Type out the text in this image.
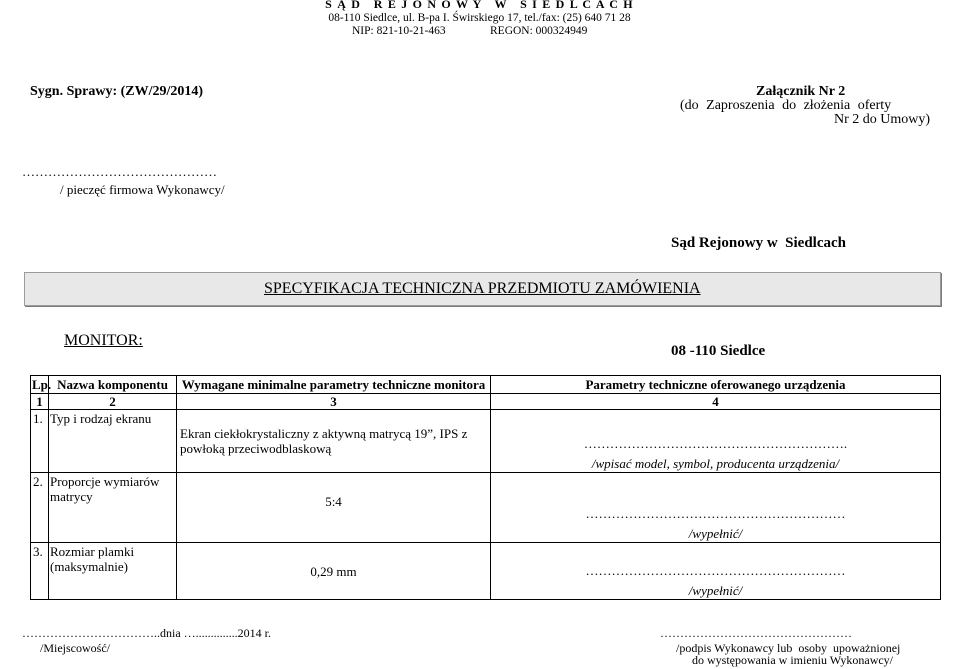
S Ą D   R E J O N O W Y   W   S I E D L C A C H
08-110 Siedlce, ul. B-pa I. Świrskiego 17, tel./fax: (25) 640 71 28
NIP: 821-10-21-463	REGON: 000324949
Sygn. Sprawy: (ZW/29/2014)	Załącznik Nr 2
(do Zaproszenia do złożenia oferty
Nr 2 do Umowy)
………………………………………
/ pieczęć firmowa Wykonawcy/

Sąd Rejonowy w  Siedlcach

08 -110 Siedlce

SPECYFIKACJA TECHNICZNA PRZEDMIOTU ZAMÓWIENIA
MONITOR:
Lp.	Nazwa komponentu	Wymagane minimalne parametry techniczne monitora	Parametry techniczne oferowanego urządzenia
1	2	3	4
1.	Typ i rodzaj ekranu	Ekran ciekłokrystaliczny z aktywną matrycą 19”, IPS z powłoką przeciwodblaskową	…………………………………………………….
/wpisać model, symbol, producenta urządzenia/

2.	Proporcje wymiarów matrycy	5:4	……………………………………………………
/wypełnić/

3.	Rozmiar plamki (maksymalnie)	0,29 mm	……………………………………………………
/wypełnić/
……………………………..dnia …..............2014 r.
/Miejscowość/
…………………………………………
/podpis Wykonawcy lub  osoby  upoważnionej
do występowania w imieniu Wykonawcy/
